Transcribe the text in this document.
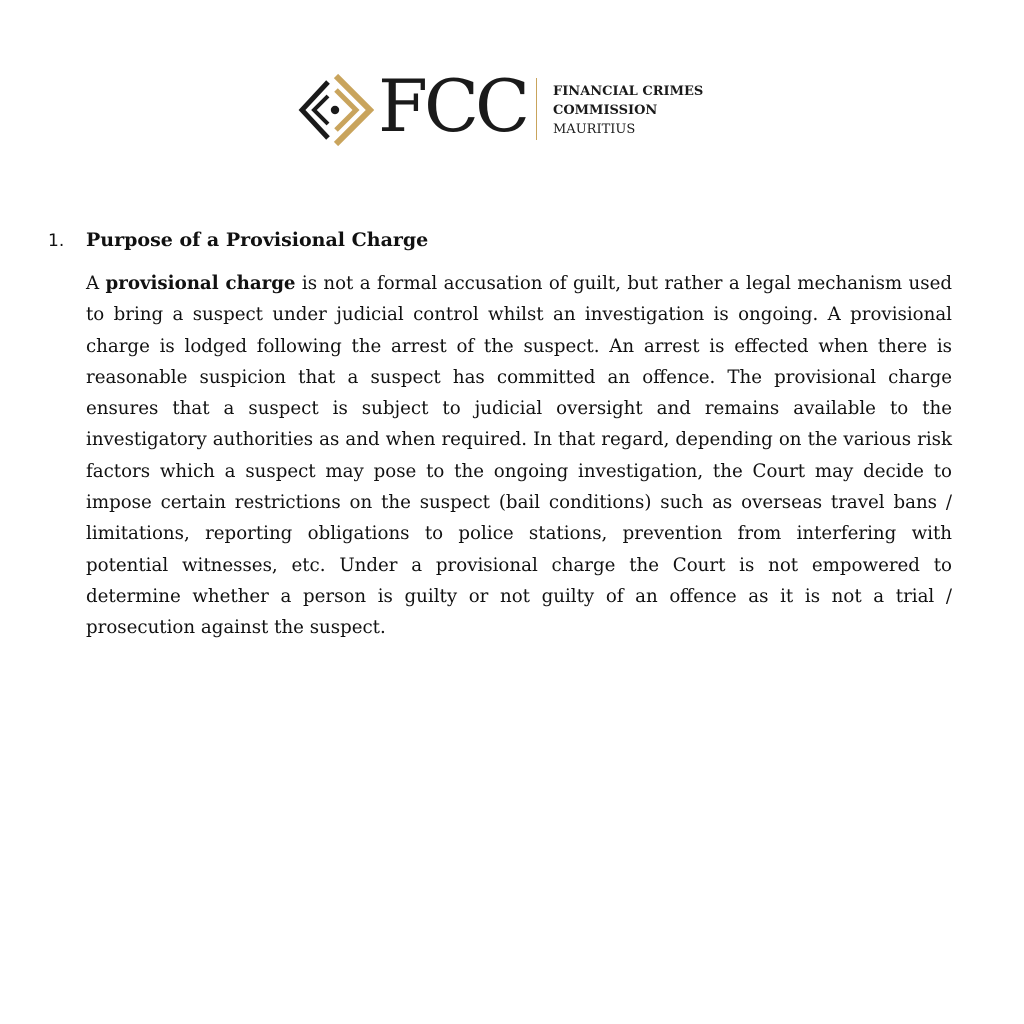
FCC FINANCIAL CRIMES
COMMISSION
MAURITIUS
1. Purpose of a Provisional Charge

A provisional charge is not a formal accusation of guilt, but rather a legal mechanism used to bring a suspect under judicial control whilst an investigation is ongoing. A provisional charge is lodged following the arrest of the suspect. An arrest is effected when there is reasonable suspicion that a suspect has committed an offence. The provisional charge ensures that a suspect is subject to judicial oversight and remains available to the investigatory authorities as and when required. In that regard, depending on the various risk factors which a suspect may pose to the ongoing investigation, the Court may decide to impose certain restrictions on the suspect (bail conditions) such as overseas travel bans / limitations, reporting obligations to police stations, prevention from interfering with potential witnesses, etc. Under a provisional charge the Court is not empowered to determine whether a person is guilty or not guilty of an offence as it is not a trial / prosecution against the suspect.
